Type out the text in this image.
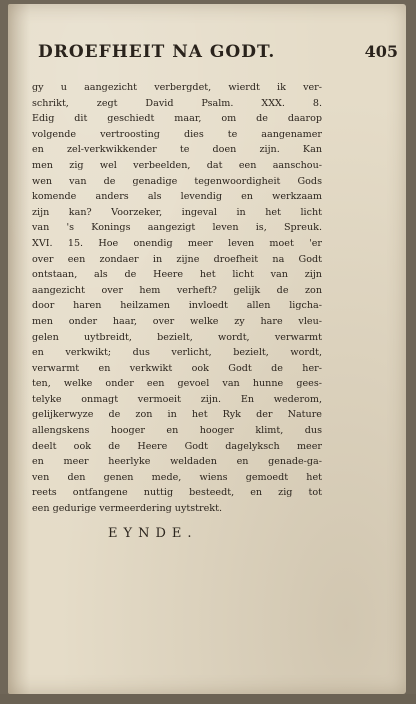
DROEFHEIT NA GODT.	405
gy u aangezicht verbergdet, wierdt ik ver-
schrikt, zegt David Psalm. XXX. 8.
Edig dit geschiedt maar, om de daarop
volgende vertroosting dies te aangenamer
en zel-verkwikkender te doen zijn. Kan
men zig wel verbeelden, dat een aanschou-
wen van de genadige tegenwoordigheit Gods
komende anders als levendig en werkzaam
zijn kan? Voorzeker, ingeval in het licht
van 's Konings aangezigt leven is, Spreuk.
XVI. 15. Hoe onendig meer leven moet 'er
over een zondaer in zijne droefheit na Godt
ontstaan, als de Heere het licht van zijn
aangezicht over hem verheft? gelijk de zon
door haren heilzamen invloedt allen ligcha-
men onder haar, over welke zy hare vleu-
gelen uytbreidt, bezielt, wordt, verwarmt
en verkwikt; dus verlicht, bezielt, wordt,
verwarmt en verkwikt ook Godt de her-
ten, welke onder een gevoel van hunne gees-
telyke onmagt vermoeit zijn. En wederom,
gelijkerwyze de zon in het Ryk der Nature
allengskens hooger en hooger klimt, dus
deelt ook de Heere Godt dagelyksch meer
en meer heerlyke weldaden en genade-ga-
ven den genen mede, wiens gemoedt het
reets ontfangene nuttig besteedt, en zig tot
een gedurige vermeerdering uytstrekt.
EYNDE.
